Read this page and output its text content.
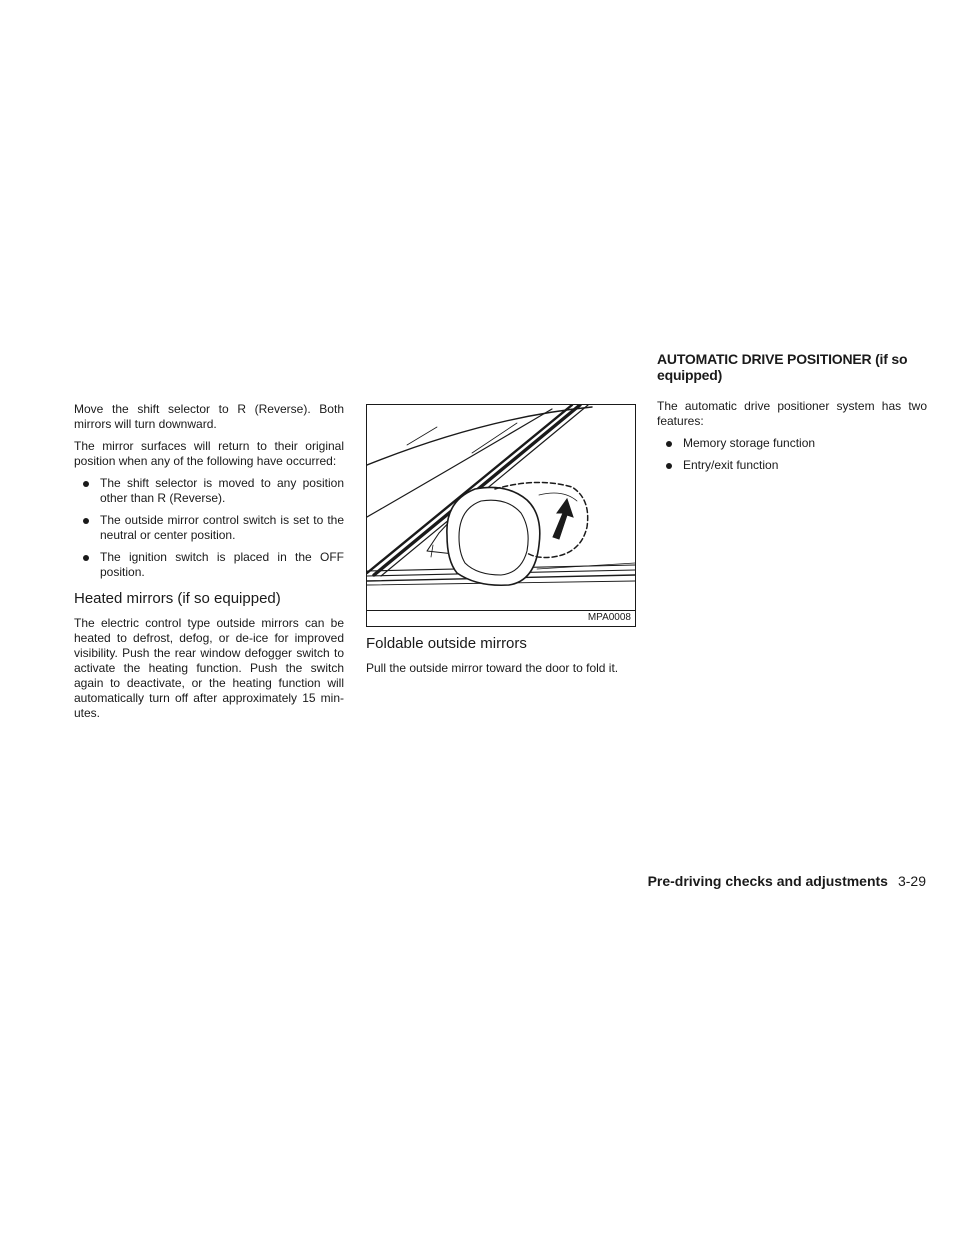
Move the shift selector to R (Reverse). Both mirrors will turn downward.

The mirror surfaces will return to their original position when any of the following have occurred:

The shift selector is moved to any position other than R (Reverse).
The outside mirror control switch is set to the neutral or center position.
The ignition switch is placed in the OFF position.
Heated mirrors (if so equipped)

The electric control type outside mirrors can be heated to defrost, defog, or de-ice for improved visibility. Push the rear window defogger switch to activate the heating function. Push the switch again to deactivate, or the heating function will automatically turn off after approximately 15 min-utes.

MPA0008
Foldable outside mirrors

Pull the outside mirror toward the door to fold it.

AUTOMATIC DRIVE POSITIONER (if so equipped)

The automatic drive positioner system has two features:

Memory storage function
Entry/exit function
Pre-driving checks and adjustments 3-29
